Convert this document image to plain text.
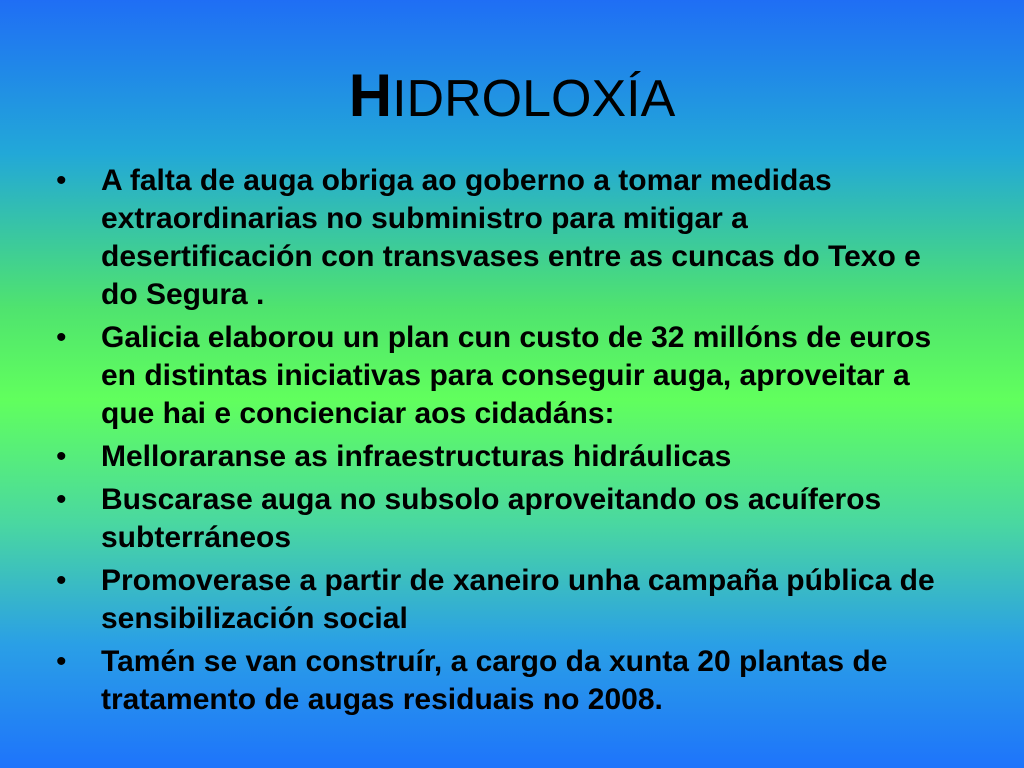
HIDROLOXÍA
•	A falta de auga obriga ao goberno a tomar medidas extraordinarias no subministro para mitigar a desertificación con transvases entre as cuncas do Texo e do Segura .
•	Galicia elaborou un plan cun custo de 32 millóns de euros en distintas iniciativas para conseguir auga, aproveitar a que hai e concienciar aos cidadáns:
•	Melloraranse as infraestructuras hidráulicas
•	Buscarase auga no subsolo aproveitando os acuíferos subterráneos
•	Promoverase a partir de xaneiro unha campaña pública de sensibilización social
•	Tamén se van construír, a cargo da xunta 20 plantas de tratamento de augas residuais no 2008.
